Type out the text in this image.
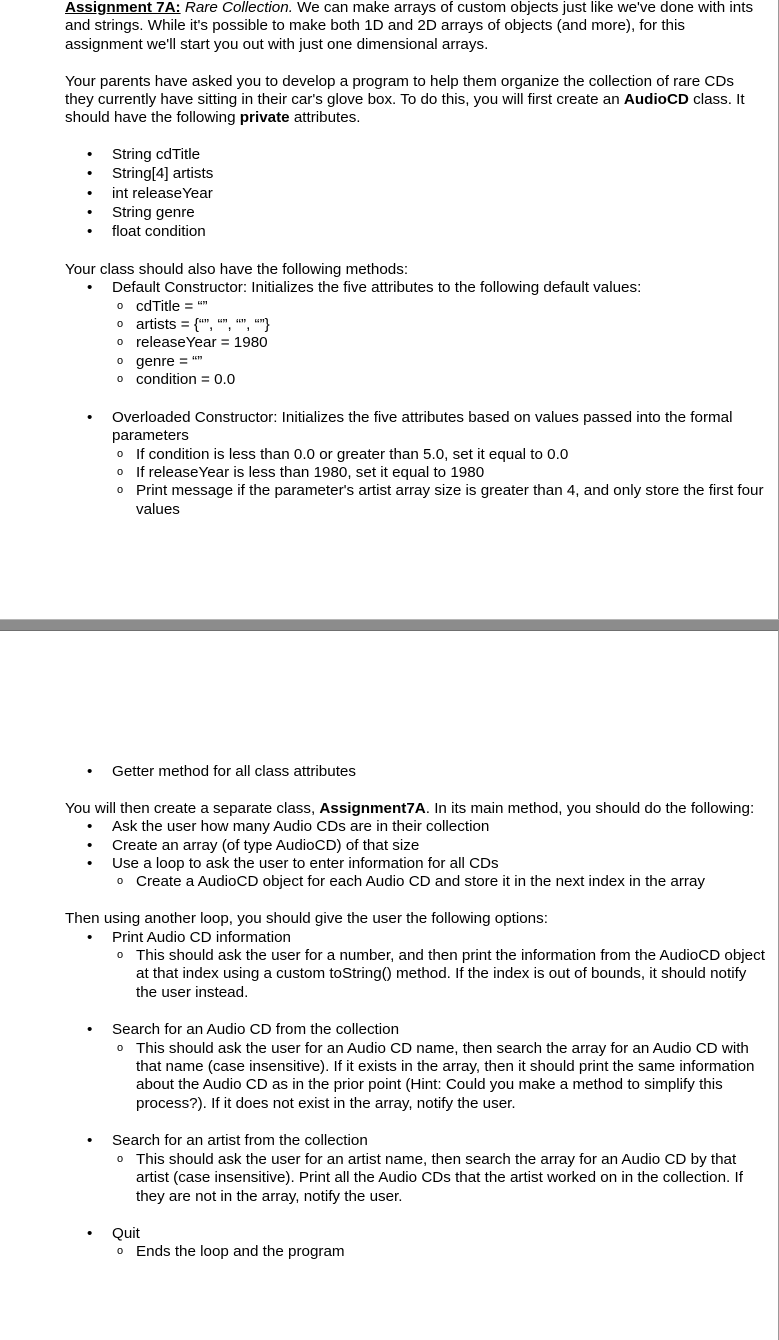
Assignment 7A: Rare Collection. We can make arrays of custom objects just like we've done with ints and strings. While it's possible to make both 1D and 2D arrays of objects (and more), for this assignment we'll start you out with just one dimensional arrays.

Your parents have asked you to develop a program to help them organize the collection of rare CDs they currently have sitting in their car's glove box. To do this, you will first create an AudioCD class. It should have the following private attributes.

• String cdTitle
• String[4] artists
• int releaseYear
• String genre
• float condition

Your class should also have the following methods:

• Default Constructor: Initializes the five attributes to the following default values:
o cdTitle = “”
o artists = {“”, “”, “”, “”}
o releaseYear = 1980
o genre = “”
o condition = 0.0
• Overloaded Constructor: Initializes the five attributes based on values passed into the formal parameters
o If condition is less than 0.0 or greater than 5.0, set it equal to 0.0
o If releaseYear is less than 1980, set it equal to 1980
o Print message if the parameter's artist array size is greater than 4, and only store the first four values
• Getter method for all class attributes

You will then create a separate class, Assignment7A. In its main method, you should do the following:

• Ask the user how many Audio CDs are in their collection
• Create an array (of type AudioCD) of that size
• Use a loop to ask the user to enter information for all CDs
o Create a AudioCD object for each Audio CD and store it in the next index in the array

Then using another loop, you should give the user the following options:

• Print Audio CD information
o This should ask the user for a number, and then print the information from the AudioCD object at that index using a custom toString() method. If the index is out of bounds, it should notify the user instead.
• Search for an Audio CD from the collection
o This should ask the user for an Audio CD name, then search the array for an Audio CD with that name (case insensitive). If it exists in the array, then it should print the same information about the Audio CD as in the prior point (Hint: Could you make a method to simplify this process?). If it does not exist in the array, notify the user.
• Search for an artist from the collection
o This should ask the user for an artist name, then search the array for an Audio CD by that artist (case insensitive). Print all the Audio CDs that the artist worked on in the collection. If they are not in the array, notify the user.
• Quit
o Ends the loop and the program
